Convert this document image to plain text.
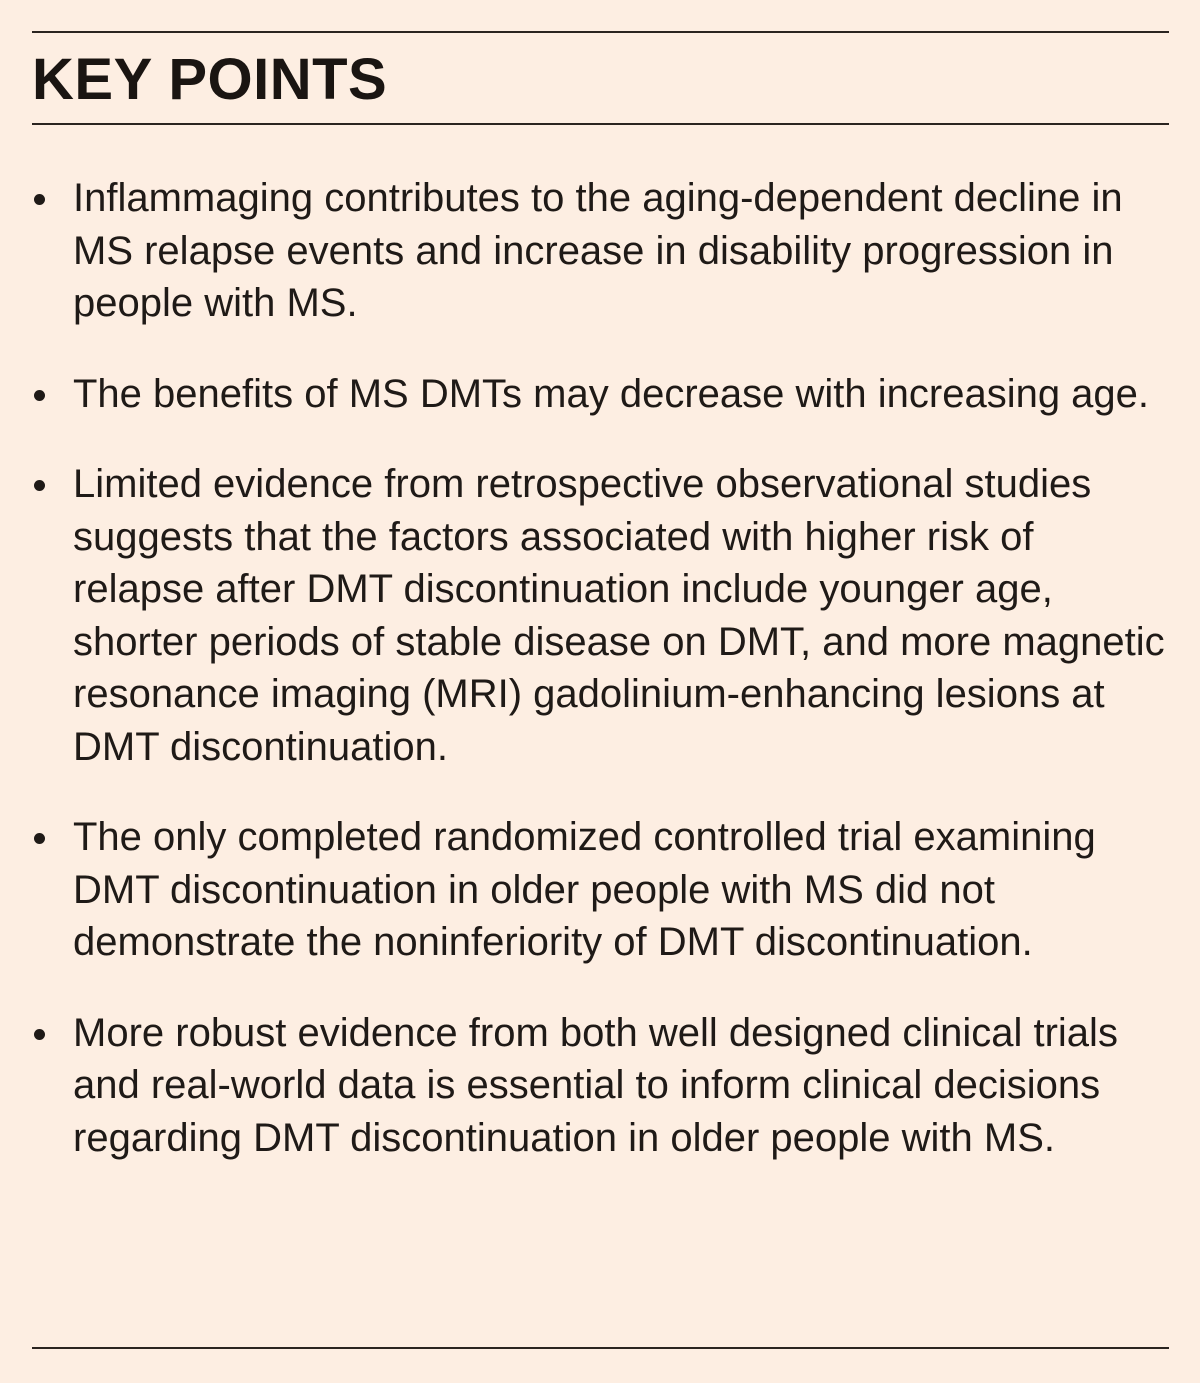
KEY POINTS
Inflammaging contributes to the aging-dependent decline in MS relapse events and increase in disability progression in people with MS.
The benefits of MS DMTs may decrease with increasing age.
Limited evidence from retrospective observational studies suggests that the factors associated with higher risk of relapse after DMT discontinuation include younger age, shorter periods of stable disease on DMT, and more magnetic resonance imaging (MRI) gadolinium-enhancing lesions at DMT discontinuation.
The only completed randomized controlled trial examining DMT discontinuation in older people with MS did not demonstrate the noninferiority of DMT discontinuation.
More robust evidence from both well designed clinical trials and real-world data is essential to inform clinical decisions regarding DMT discontinuation in older people with MS.
